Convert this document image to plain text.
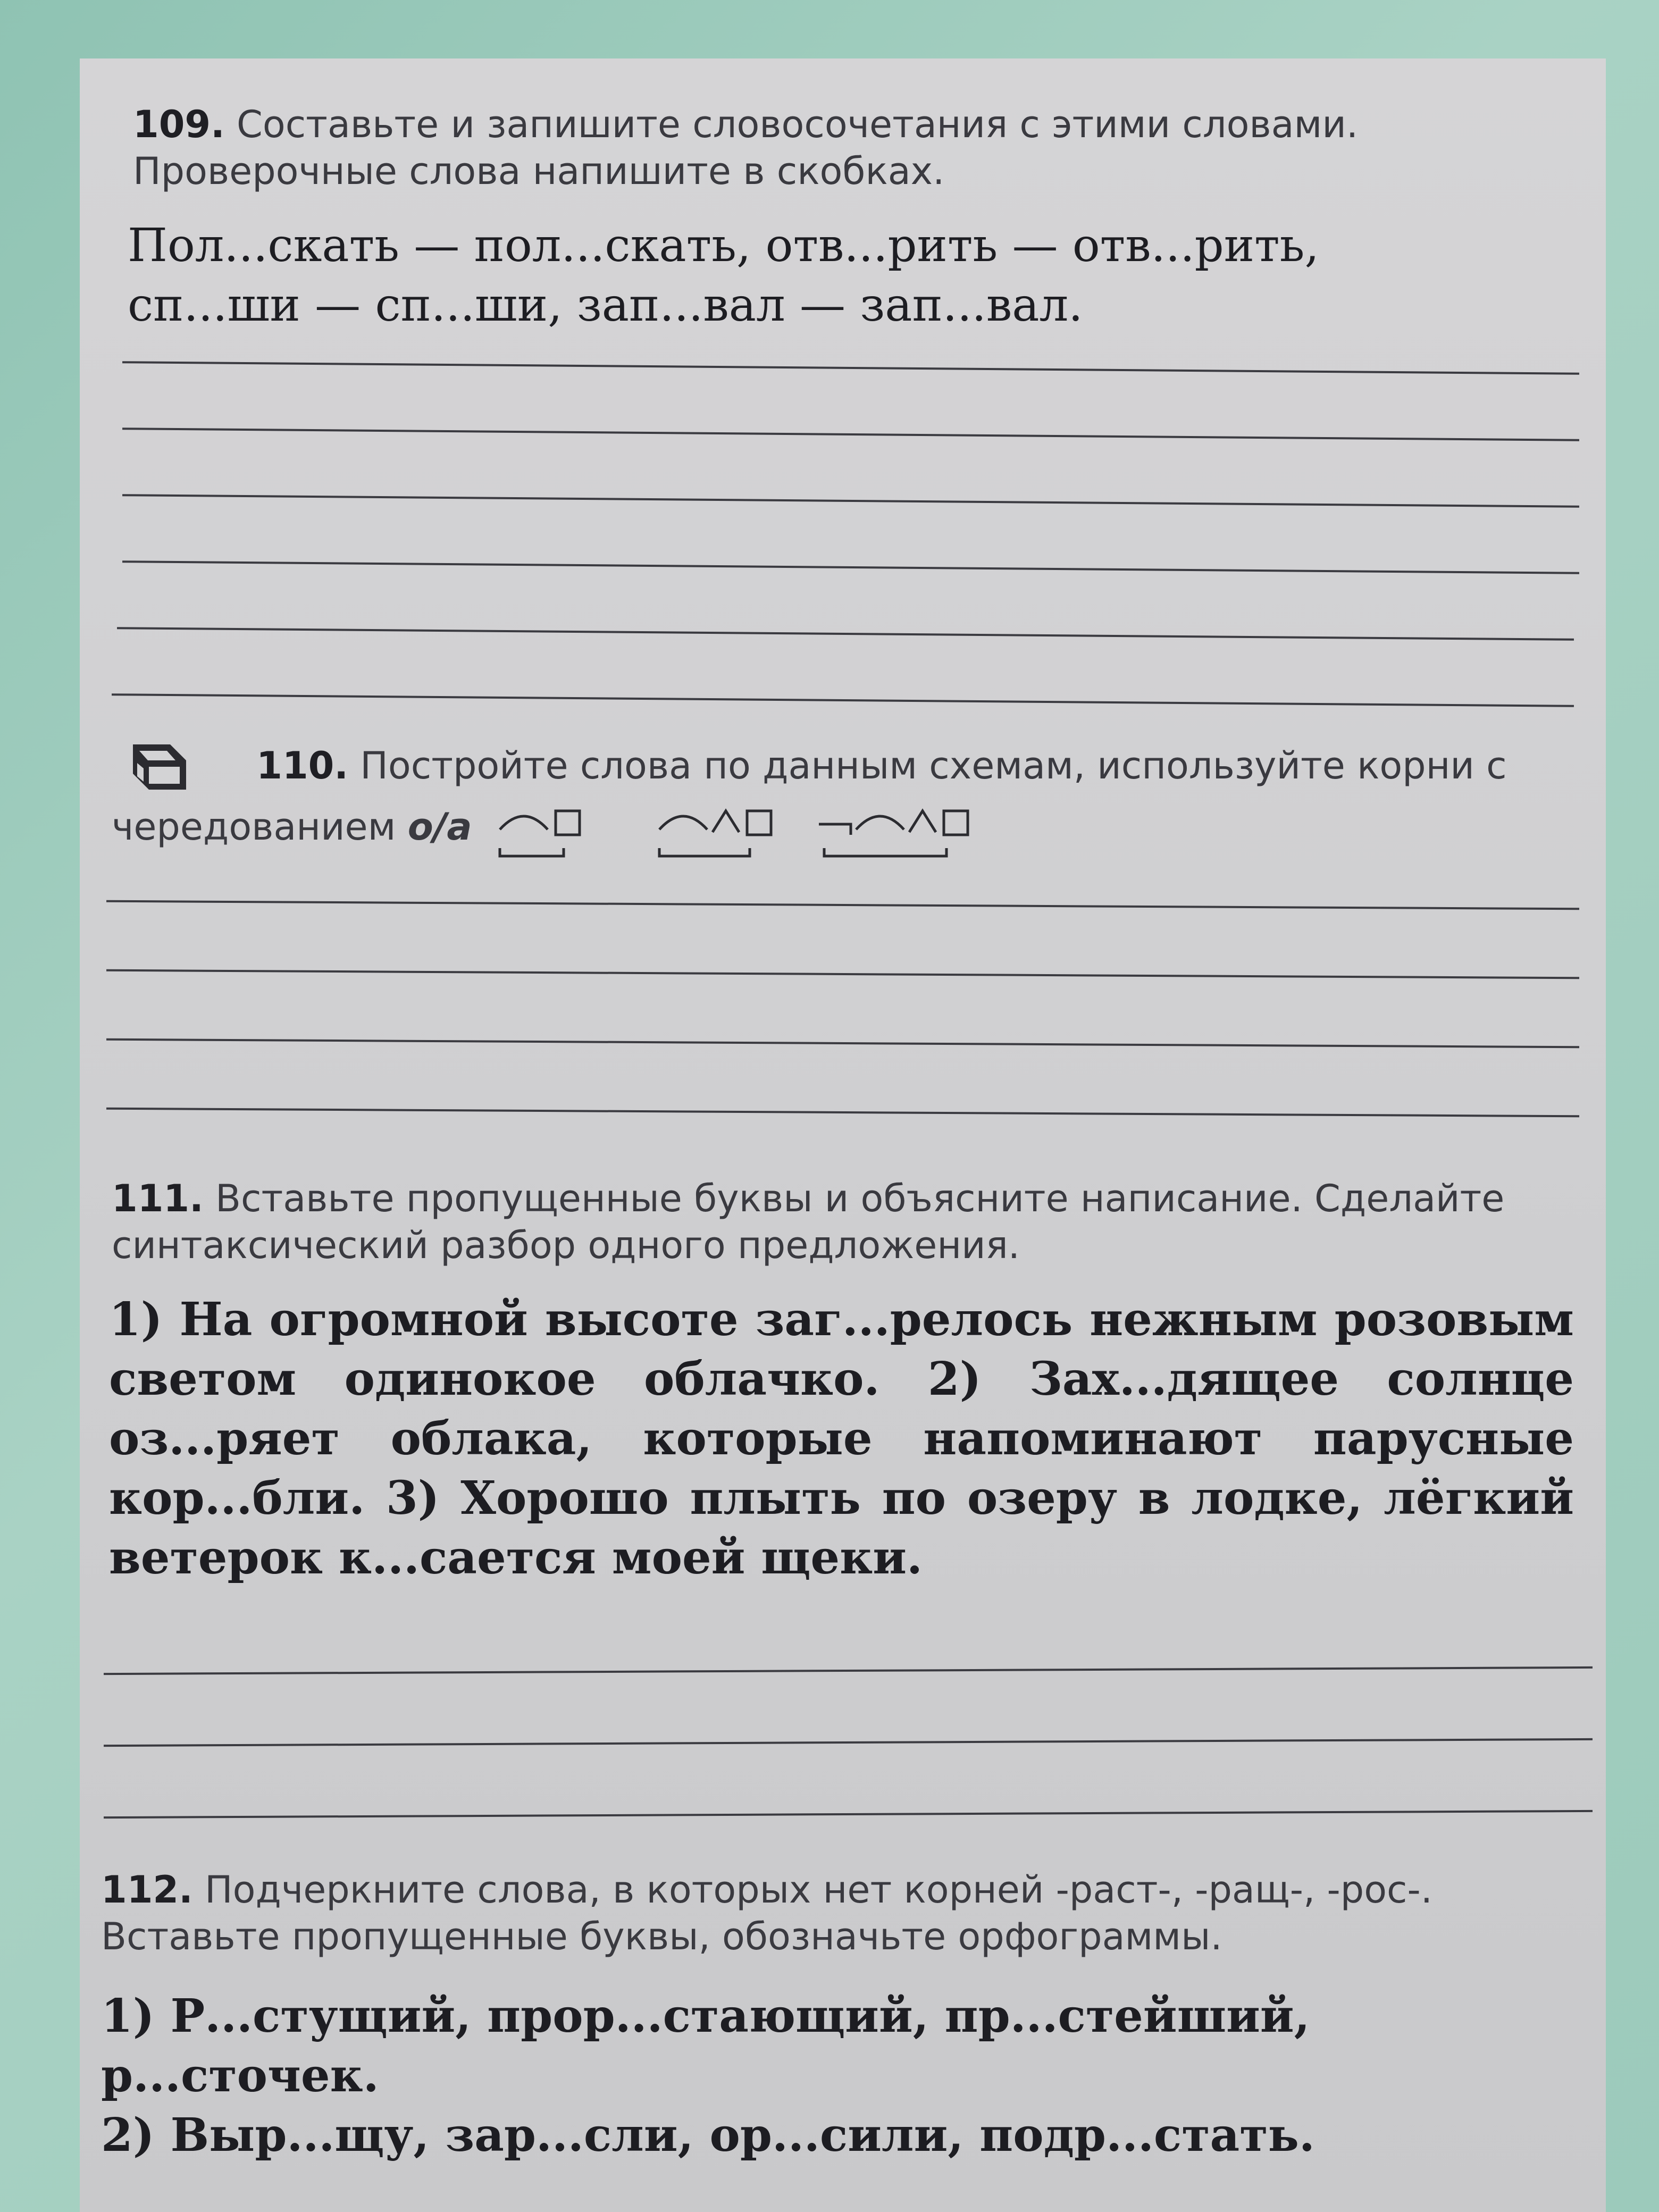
109. Составьте и запишите словосочетания с этими словами. Проверочные слова напишите в скобках.

Пол...скать — пол...скать, отв...рить — отв...рить,

сп...ши — сп...ши, зап...вал — зап...вал.

110. Постройте слова по данным схемам, используйте корни с чередованием о/а

111. Вставьте пропущенные буквы и объясните написание. Сделайте синтаксический разбор одного предложения.

1) На огромной высоте заг...релось нежным розовым светом одинокое облачко. 2) Зах...дящее солнце оз...ряет облака, которые напоминают парусные кор...бли. 3) Хорошо плыть по озеру в лодке, лёгкий ветерок к...сается моей щеки.

112. Подчеркните слова, в которых нет корней -раст-, -ращ-, -рос-. Вставьте пропущенные буквы, обозначьте орфограммы.

1) Р...стущий, прор...стающий, пр...стейший, р...сточек.

2) Выр...щу, зар...сли, ор...сили, подр...стать.
